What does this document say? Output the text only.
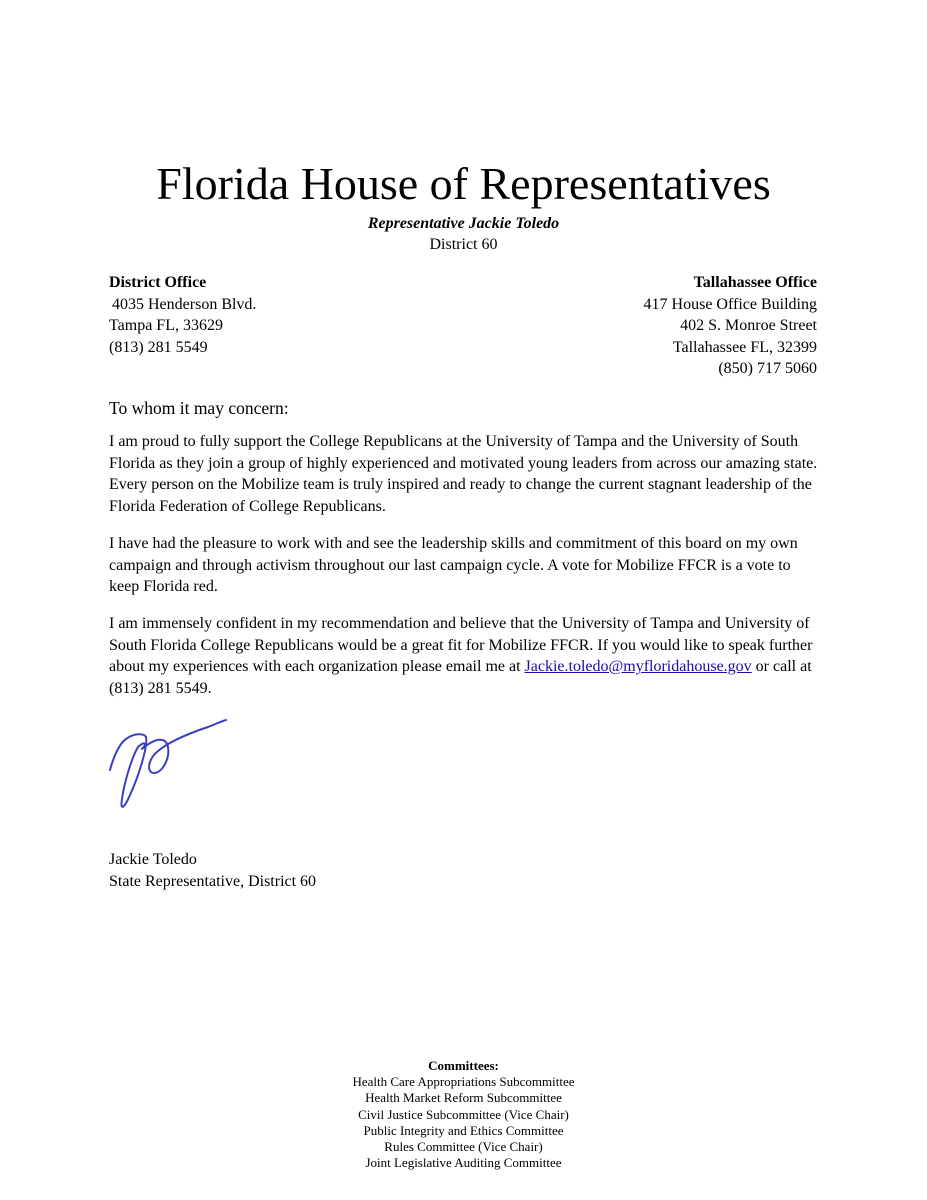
Florida House of Representatives
Representative Jackie Toledo
District 60
District Office
4035 Henderson Blvd.
Tampa FL, 33629
(813) 281 5549
Tallahassee Office
417 House Office Building
402 S. Monroe Street
Tallahassee FL, 32399
(850) 717 5060
To whom it may concern:
I am proud to fully support the College Republicans at the University of Tampa and the University of South Florida as they join a group of highly experienced and motivated young leaders from across our amazing state. Every person on the Mobilize team is truly inspired and ready to change the current stagnant leadership of the Florida Federation of College Republicans.
I have had the pleasure to work with and see the leadership skills and commitment of this board on my own campaign and through activism throughout our last campaign cycle. A vote for Mobilize FFCR is a vote to keep Florida red.
I am immensely confident in my recommendation and believe that the University of Tampa and University of South Florida College Republicans would be a great fit for Mobilize FFCR. If you would like to speak further about my experiences with each organization please email me at Jackie.toledo@myfloridahouse.gov or call at (813) 281 5549.
Jackie Toledo
State Representative, District 60
Committees:
Health Care Appropriations Subcommittee
Health Market Reform Subcommittee
Civil Justice Subcommittee (Vice Chair)
Public Integrity and Ethics Committee
Rules Committee (Vice Chair)
Joint Legislative Auditing Committee
